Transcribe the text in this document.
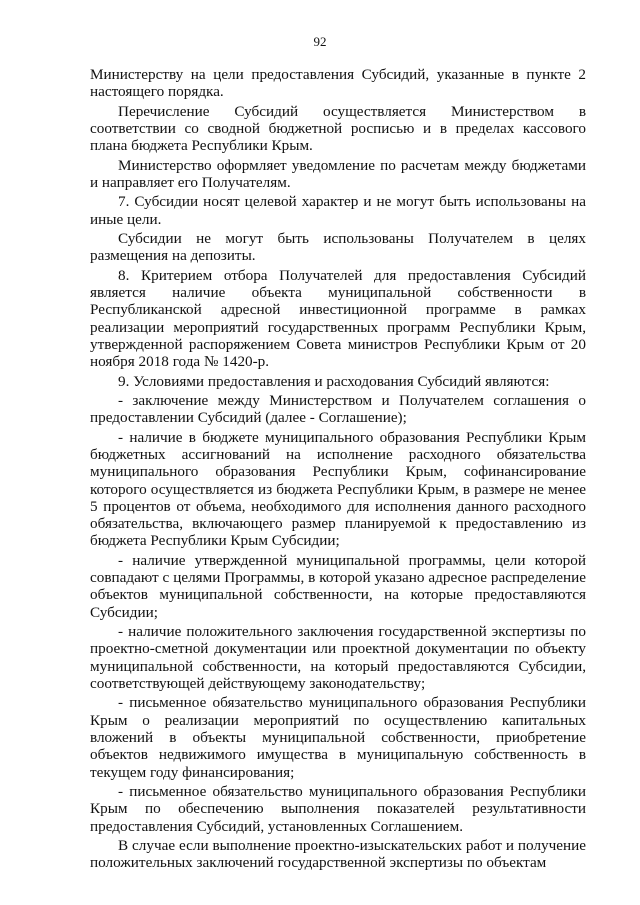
92

Министерству на цели предоставления Субсидий, указанные в пункте 2 настоящего порядка.

Перечисление Субсидий осуществляется Министерством в соответствии со сводной бюджетной росписью и в пределах кассового плана бюджета Республики Крым.

Министерство оформляет уведомление по расчетам между бюджетами и направляет его Получателям.

7. Субсидии носят целевой характер и не могут быть использованы на иные цели.

Субсидии не могут быть использованы Получателем в целях размещения на депозиты.

8. Критерием отбора Получателей для предоставления Субсидий является наличие объекта муниципальной собственности в Республиканской адресной инвестиционной программе в рамках реализации мероприятий государственных программ Республики Крым, утвержденной распоряжением Совета министров Республики Крым от 20 ноября 2018 года № 1420-р.

9. Условиями предоставления и расходования Субсидий являются:

- заключение между Министерством и Получателем соглашения о предоставлении Субсидий (далее - Соглашение);

- наличие в бюджете муниципального образования Республики Крым бюджетных ассигнований на исполнение расходного обязательства муниципального образования Республики Крым, софинансирование которого осуществляется из бюджета Республики Крым, в размере не менее 5 процентов от объема, необходимого для исполнения данного расходного обязательства, включающего размер планируемой к предоставлению из бюджета Республики Крым Субсидии;

- наличие утвержденной муниципальной программы, цели которой совпадают с целями Программы, в которой указано адресное распределение объектов муниципальной собственности, на которые предоставляются Субсидии;

- наличие положительного заключения государственной экспертизы по проектно-сметной документации или проектной документации по объекту муниципальной собственности, на который предоставляются Субсидии, соответствующей действующему законодательству;

- письменное обязательство муниципального образования Республики Крым о реализации мероприятий по осуществлению капитальных вложений в объекты муниципальной собственности, приобретение объектов недвижимого имущества в муниципальную собственность в текущем году финансирования;

- письменное обязательство муниципального образования Республики Крым по обеспечению выполнения показателей результативности предоставления Субсидий, установленных Соглашением.

В случае если выполнение проектно-изыскательских работ и получение положительных заключений государственной экспертизы по объектам
